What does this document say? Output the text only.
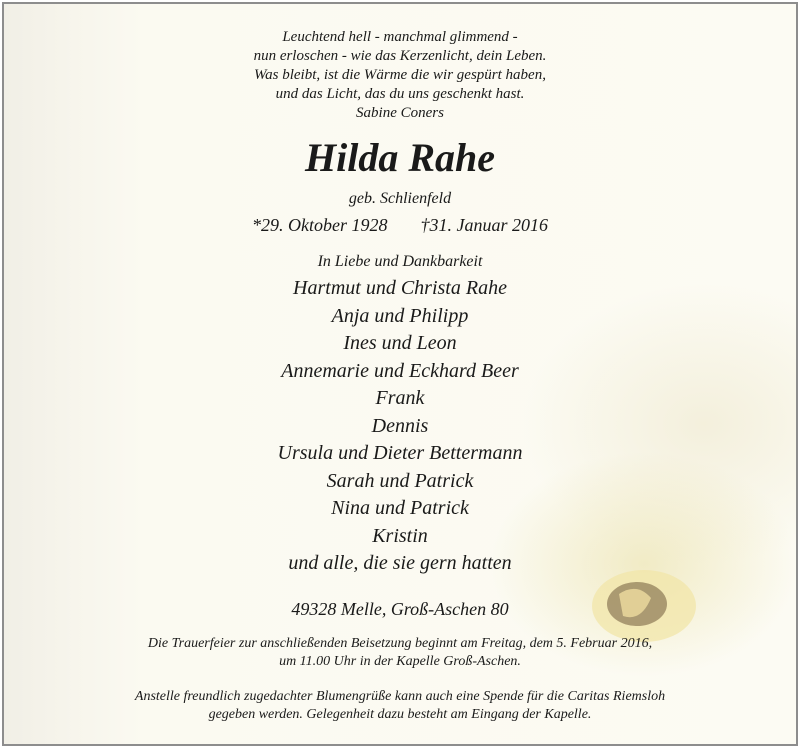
Leuchtend hell - manchmal glimmend -
nun erloschen - wie das Kerzenlicht, dein Leben.
Was bleibt, ist die Wärme die wir gespürt haben,
und das Licht, das du uns geschenkt hast.
Sabine Coners
Hilda Rahe
geb. Schlienfeld
*29. Oktober 1928 †31. Januar 2016
In Liebe und Dankbarkeit
Hartmut und Christa Rahe
Anja und Philipp
Ines und Leon
Annemarie und Eckhard Beer
Frank
Dennis
Ursula und Dieter Bettermann
Sarah und Patrick
Nina und Patrick
Kristin
und alle, die sie gern hatten
49328 Melle, Groß-Aschen 80
Die Trauerfeier zur anschließenden Beisetzung beginnt am Freitag, dem 5. Februar 2016,
um 11.00 Uhr in der Kapelle Groß-Aschen.
Anstelle freundlich zugedachter Blumengrüße kann auch eine Spende für die Caritas Riemsloh
gegeben werden. Gelegenheit dazu besteht am Eingang der Kapelle.
